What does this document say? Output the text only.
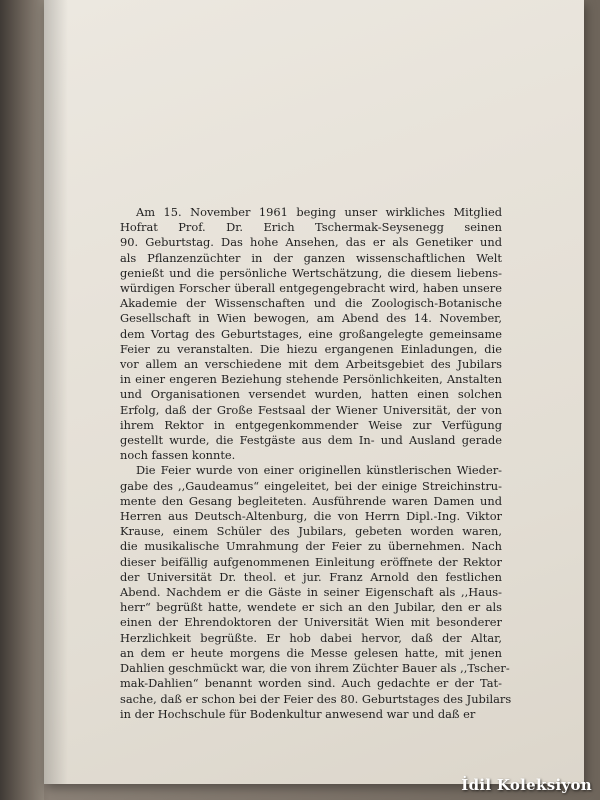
Am 15. November 1961 beging unser wirkliches Mitglied
Hofrat Prof. Dr. Erich Tschermak-Seysenegg seinen
90. Geburtstag. Das hohe Ansehen, das er als Genetiker und
als Pflanzenzüchter in der ganzen wissenschaftlichen Welt
genießt und die persönliche Wertschätzung, die diesem liebens-
würdigen Forscher überall entgegengebracht wird, haben unsere
Akademie der Wissenschaften und die Zoologisch-Botanische
Gesellschaft in Wien bewogen, am Abend des 14. November,
dem Vortag des Geburtstages, eine großangelegte gemeinsame
Feier zu veranstalten. Die hiezu ergangenen Einladungen, die
vor allem an verschiedene mit dem Arbeitsgebiet des Jubilars
in einer engeren Beziehung stehende Persönlichkeiten, Anstalten
und Organisationen versendet wurden, hatten einen solchen
Erfolg, daß der Große Festsaal der Wiener Universität, der von
ihrem Rektor in entgegenkommender Weise zur Verfügung
gestellt wurde, die Festgäste aus dem In- und Ausland gerade
noch fassen konnte.

Die Feier wurde von einer originellen künstlerischen Wieder-
gabe des ,,Gaudeamus“ eingeleitet, bei der einige Streichinstru-
mente den Gesang begleiteten. Ausführende waren Damen und
Herren aus Deutsch-Altenburg, die von Herrn Dipl.-Ing. Viktor
Krause, einem Schüler des Jubilars, gebeten worden waren,
die musikalische Umrahmung der Feier zu übernehmen. Nach
dieser beifällig aufgenommenen Einleitung eröffnete der Rektor
der Universität Dr. theol. et jur. Franz Arnold den festlichen
Abend. Nachdem er die Gäste in seiner Eigenschaft als ,,Haus-
herr“ begrüßt hatte, wendete er sich an den Jubilar, den er als
einen der Ehrendoktoren der Universität Wien mit besonderer
Herzlichkeit begrüßte. Er hob dabei hervor, daß der Altar,
an dem er heute morgens die Messe gelesen hatte, mit jenen
Dahlien geschmückt war, die von ihrem Züchter Bauer als ,,Tscher-
mak-Dahlien“ benannt worden sind. Auch gedachte er der Tat-
sache, daß er schon bei der Feier des 80. Geburtstages des Jubilars
in der Hochschule für Bodenkultur anwesend war und daß er

İdil Koleksiyon
